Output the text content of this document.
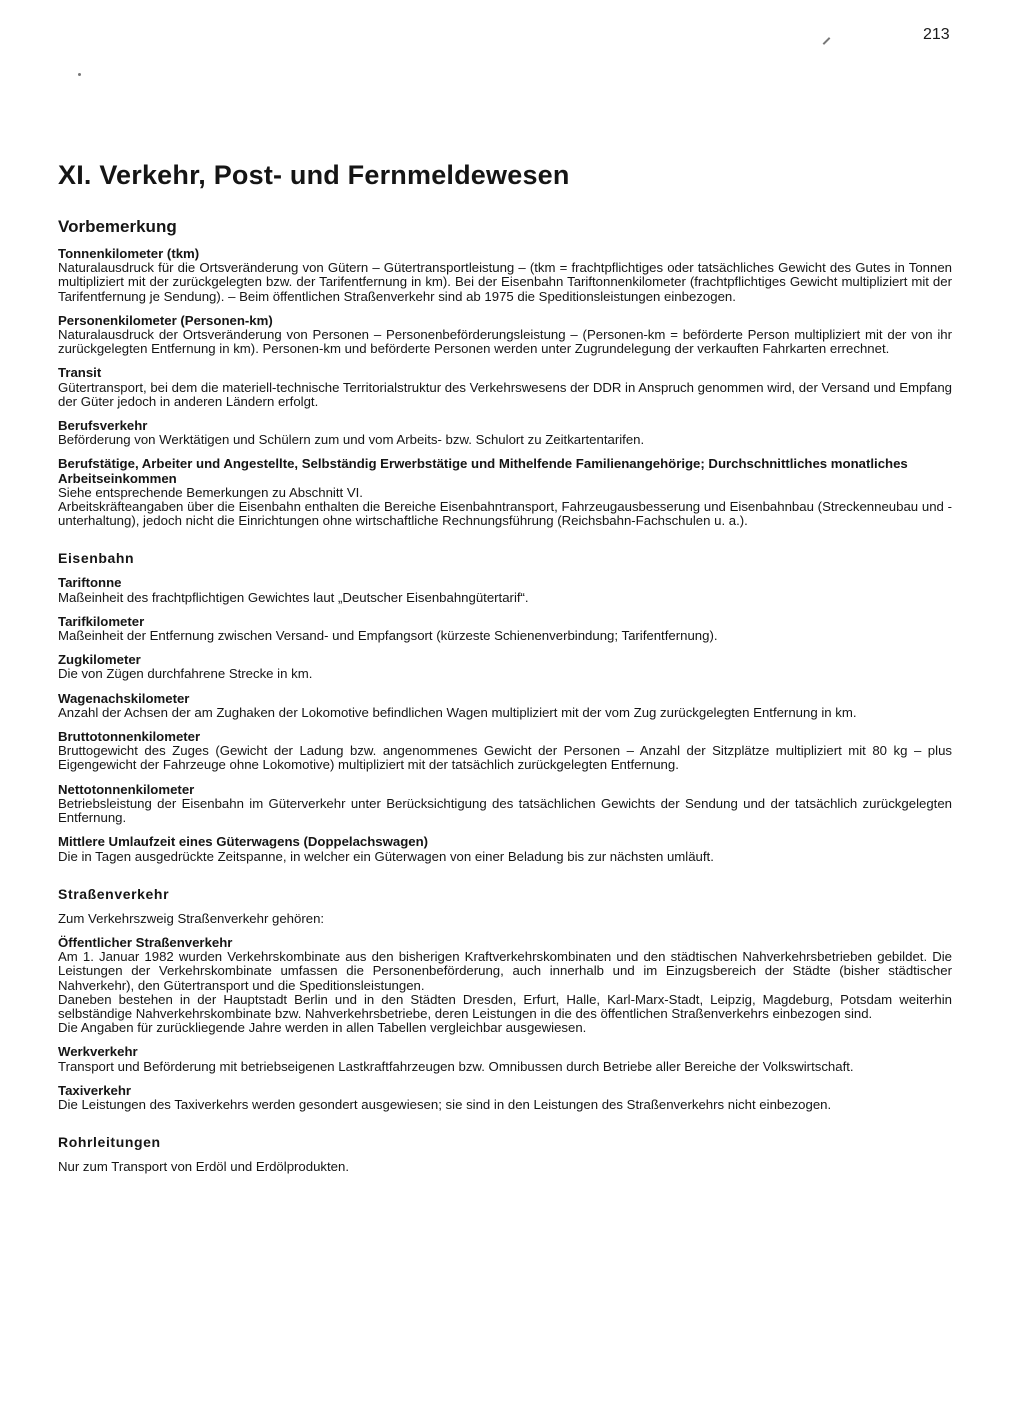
213
XI. Verkehr, Post- und Fernmeldewesen
Vorbemerkung
Tonnenkilometer (tkm)
Naturalausdruck für die Ortsveränderung von Gütern – Gütertransportleistung – (tkm = frachtpflichtiges oder tatsächliches Gewicht des Gutes in Tonnen multipliziert mit der zurückgelegten bzw. der Tarifentfernung in km). Bei der Eisenbahn Tariftonnenkilometer (frachtpflichtiges Gewicht multipliziert mit der Tarifentfernung je Sendung). – Beim öffentlichen Straßenverkehr sind ab 1975 die Speditionsleistungen einbezogen.
Personenkilometer (Personen-km)
Naturalausdruck der Ortsveränderung von Personen – Personenbeförderungsleistung – (Personen-km = beförderte Person multipliziert mit der von ihr zurückgelegten Entfernung in km). Personen-km und beförderte Personen werden unter Zugrundelegung der verkauften Fahrkarten errechnet.
Transit
Gütertransport, bei dem die materiell-technische Territorialstruktur des Verkehrswesens der DDR in Anspruch genommen wird, der Versand und Empfang der Güter jedoch in anderen Ländern erfolgt.
Berufsverkehr
Beförderung von Werktätigen und Schülern zum und vom Arbeits- bzw. Schulort zu Zeitkartentarifen.
Berufstätige, Arbeiter und Angestellte, Selbständig Erwerbstätige und Mithelfende Familienangehörige; Durchschnittliches monatliches Arbeitseinkommen
Siehe entsprechende Bemerkungen zu Abschnitt VI.
Arbeitskräfteangaben über die Eisenbahn enthalten die Bereiche Eisenbahntransport, Fahrzeugausbesserung und Eisenbahnbau (Streckenneubau und -unterhaltung), jedoch nicht die Einrichtungen ohne wirtschaftliche Rechnungsführung (Reichsbahn-Fachschulen u. a.).
Eisenbahn
Tariftonne
Maßeinheit des frachtpflichtigen Gewichtes laut „Deutscher Eisenbahngütertarif“.
Tarifkilometer
Maßeinheit der Entfernung zwischen Versand- und Empfangsort (kürzeste Schienenverbindung; Tarifentfernung).
Zugkilometer
Die von Zügen durchfahrene Strecke in km.
Wagenachskilometer
Anzahl der Achsen der am Zughaken der Lokomotive befindlichen Wagen multipliziert mit der vom Zug zurückgelegten Entfernung in km.
Bruttotonnenkilometer
Bruttogewicht des Zuges (Gewicht der Ladung bzw. angenommenes Gewicht der Personen – Anzahl der Sitzplätze multipliziert mit 80 kg – plus Eigengewicht der Fahrzeuge ohne Lokomotive) multipliziert mit der tatsächlich zurückgelegten Entfernung.
Nettotonnenkilometer
Betriebsleistung der Eisenbahn im Güterverkehr unter Berücksichtigung des tatsächlichen Gewichts der Sendung und der tatsächlich zurückgelegten Entfernung.
Mittlere Umlaufzeit eines Güterwagens (Doppelachswagen)
Die in Tagen ausgedrückte Zeitspanne, in welcher ein Güterwagen von einer Beladung bis zur nächsten umläuft.
Straßenverkehr

Zum Verkehrszweig Straßenverkehr gehören:

Öffentlicher Straßenverkehr
Am 1. Januar 1982 wurden Verkehrskombinate aus den bisherigen Kraftverkehrskombinaten und den städtischen Nahverkehrsbetrieben gebildet. Die Leistungen der Verkehrskombinate umfassen die Personenbeförderung, auch innerhalb und im Einzugsbereich der Städte (bisher städtischer Nahverkehr), den Gütertransport und die Speditionsleistungen.
Daneben bestehen in der Hauptstadt Berlin und in den Städten Dresden, Erfurt, Halle, Karl-Marx-Stadt, Leipzig, Magdeburg, Potsdam weiterhin selbständige Nahverkehrskombinate bzw. Nahverkehrsbetriebe, deren Leistungen in die des öffentlichen Straßenverkehrs einbezogen sind.
Die Angaben für zurückliegende Jahre werden in allen Tabellen vergleichbar ausgewiesen.
Werkverkehr
Transport und Beförderung mit betriebseigenen Lastkraftfahrzeugen bzw. Omnibussen durch Betriebe aller Bereiche der Volkswirtschaft.
Taxiverkehr
Die Leistungen des Taxiverkehrs werden gesondert ausgewiesen; sie sind in den Leistungen des Straßenverkehrs nicht einbezogen.
Rohrleitungen

Nur zum Transport von Erdöl und Erdölprodukten.
